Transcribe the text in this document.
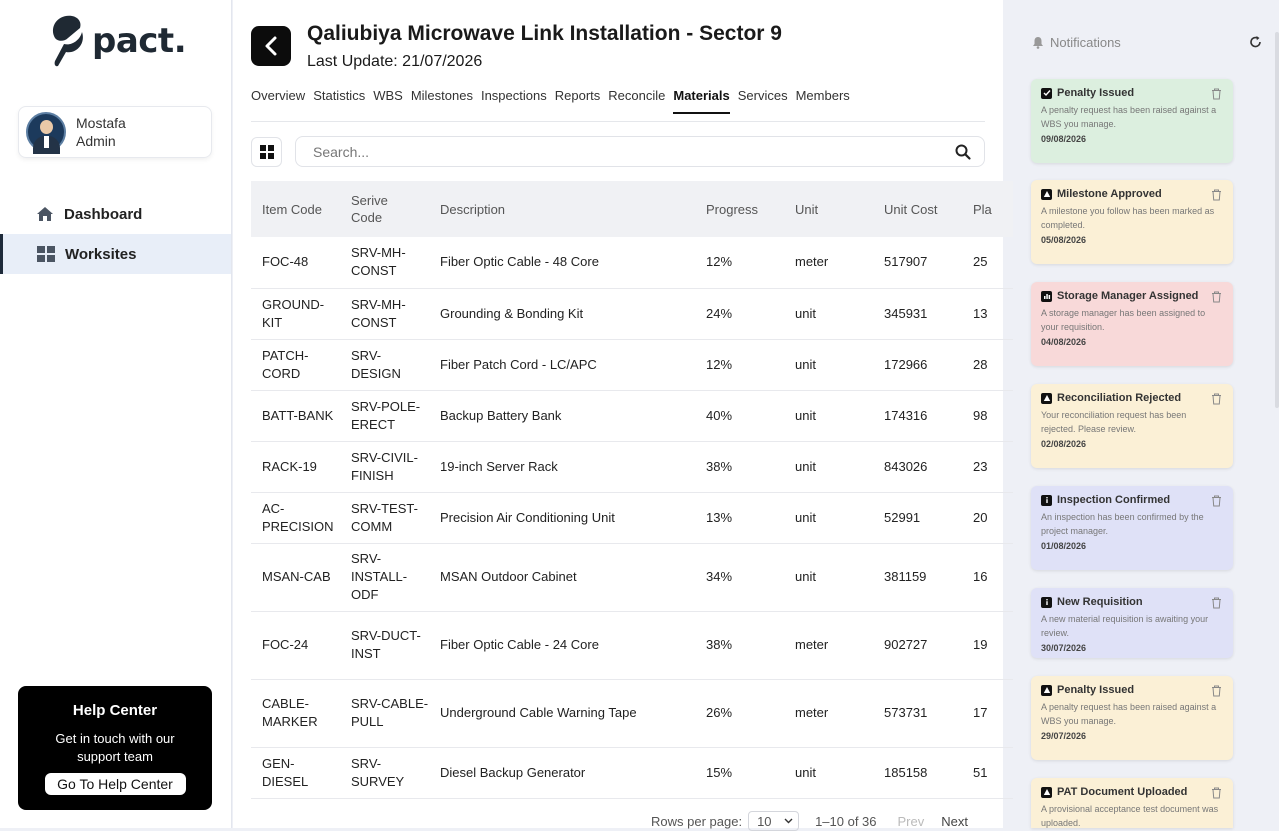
pact.
Mostafa
Admin
Dashboard
Worksites
Help Center
Get in touch with our support team
Go To Help Center
Qaliubiya Microwave Link Installation - Sector 9
Last Update: 21/07/2026
Overview Statistics WBS Milestones Inspections Reports Reconcile Materials Services Members
Search...
Item Code	Serive Code	Description	Progress	Unit	Unit Cost	Pla
FOC-48	SRV-MH-CONST	Fiber Optic Cable - 48 Core	12%	meter	517907	25
GROUND-KIT	SRV-MH-CONST	Grounding & Bonding Kit	24%	unit	345931	13
PATCH-CORD	SRV-DESIGN	Fiber Patch Cord - LC/APC	12%	unit	172966	28
BATT-BANK	SRV-POLE-ERECT	Backup Battery Bank	40%	unit	174316	98
RACK-19	SRV-CIVIL-FINISH	19-inch Server Rack	38%	unit	843026	23
AC-PRECISION	SRV-TEST-COMM	Precision Air Conditioning Unit	13%	unit	52991	20
MSAN-CAB	SRV-INSTALL-ODF	MSAN Outdoor Cabinet	34%	unit	381159	16
FOC-24	SRV-DUCT-INST	Fiber Optic Cable - 24 Core	38%	meter	902727	19
CABLE-MARKER	SRV-CABLE-PULL	Underground Cable Warning Tape	26%	meter	573731	17
GEN-DIESEL	SRV-SURVEY	Diesel Backup Generator	15%	unit	185158	51
Rows per page: 10	1–10 of 36 Prev Next
Notifications
Penalty Issued
A penalty request has been raised against a WBS you manage.
09/08/2026
Milestone Approved
A milestone you follow has been marked as completed.
05/08/2026
Storage Manager Assigned
A storage manager has been assigned to your requisition.
04/08/2026
Reconciliation Rejected
Your reconciliation request has been rejected. Please review.
02/08/2026
Inspection Confirmed
An inspection has been confirmed by the project manager.
01/08/2026
New Requisition
A new material requisition is awaiting your review.
30/07/2026
Penalty Issued
A penalty request has been raised against a WBS you manage.
29/07/2026
PAT Document Uploaded
A provisional acceptance test document was uploaded.
